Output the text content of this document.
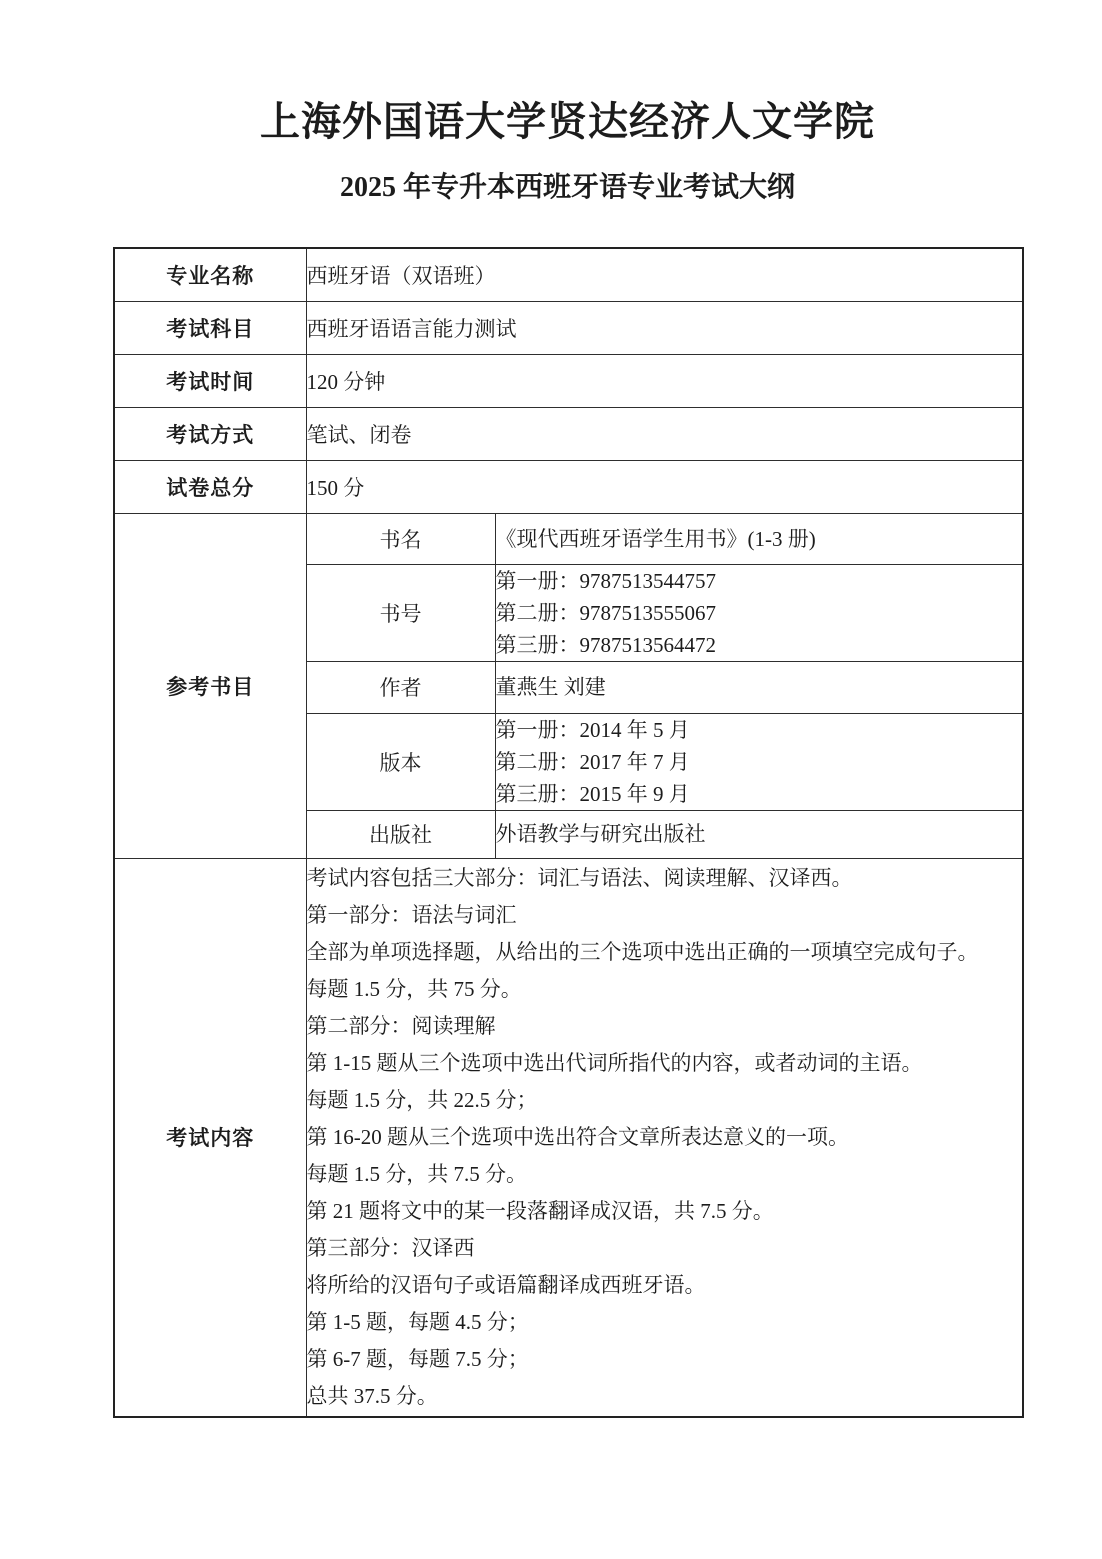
上海外国语大学贤达经济人文学院
2025 年专升本西班牙语专业考试大纲
专业名称	西班牙语（双语班）	
考试科目	西班牙语语言能力测试	
考试时间	120 分钟	
考试方式	笔试、闭卷	
试卷总分	150 分	
参考书目	书名	《现代西班牙语学生用书》(1-3 册)

	书号	第一册：9787513544757
第二册：9787513555067
第三册：9787513564472

	作者	董燕生 刘建

	版本	第一册：2014 年 5 月
第二册：2017 年 7 月
第三册：2015 年 9 月

	出版社	外语教学与研究出版社

考试内容	
考试内容包括三大部分：词汇与语法、阅读理解、汉译西。
第一部分：语法与词汇
全部为单项选择题，从给出的三个选项中选出正确的一项填空完成句子。
每题 1.5 分，共 75 分。
第二部分：阅读理解
第 1-15 题从三个选项中选出代词所指代的内容，或者动词的主语。
每题 1.5 分，共 22.5 分；
第 16-20 题从三个选项中选出符合文章所表达意义的一项。
每题 1.5 分，共 7.5 分。
第 21 题将文中的某一段落翻译成汉语，共 7.5 分。
第三部分：汉译西
将所给的汉语句子或语篇翻译成西班牙语。
第 1-5 题，每题 4.5 分；
第 6-7 题，每题 7.5 分；
总共 37.5 分。
